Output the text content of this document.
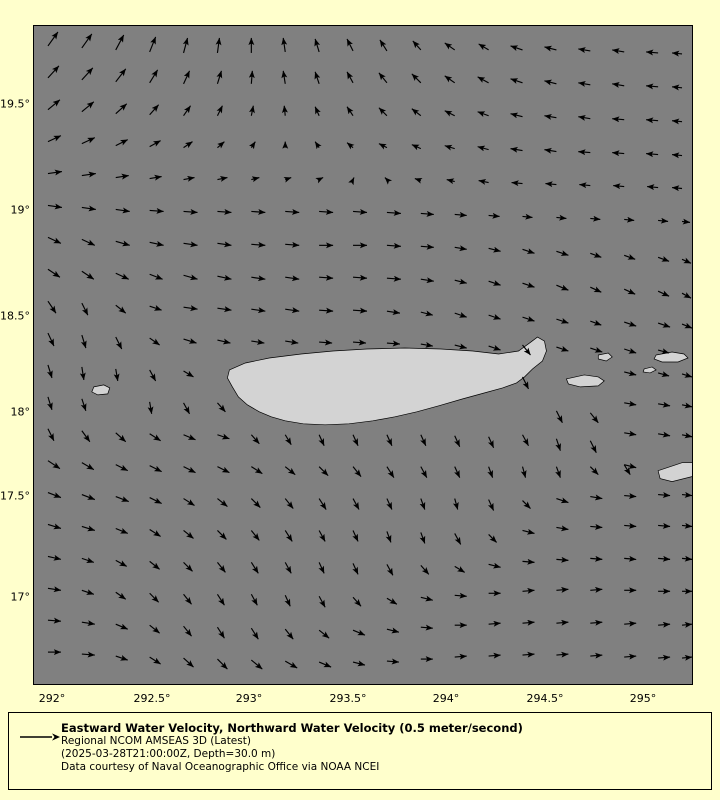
19.5°
19°
18.5°
18°
17.5°
17°
292°	292.5°	293°	293.5°	294°	294.5°	295°
Eastward Water Velocity, Northward Water Velocity (0.5 meter/second)
Regional NCOM AMSEAS 3D (Latest)
(2025-03-28T21:00:00Z, Depth=30.0 m)
Data courtesy of Naval Oceanographic Office via NOAA NCEI
